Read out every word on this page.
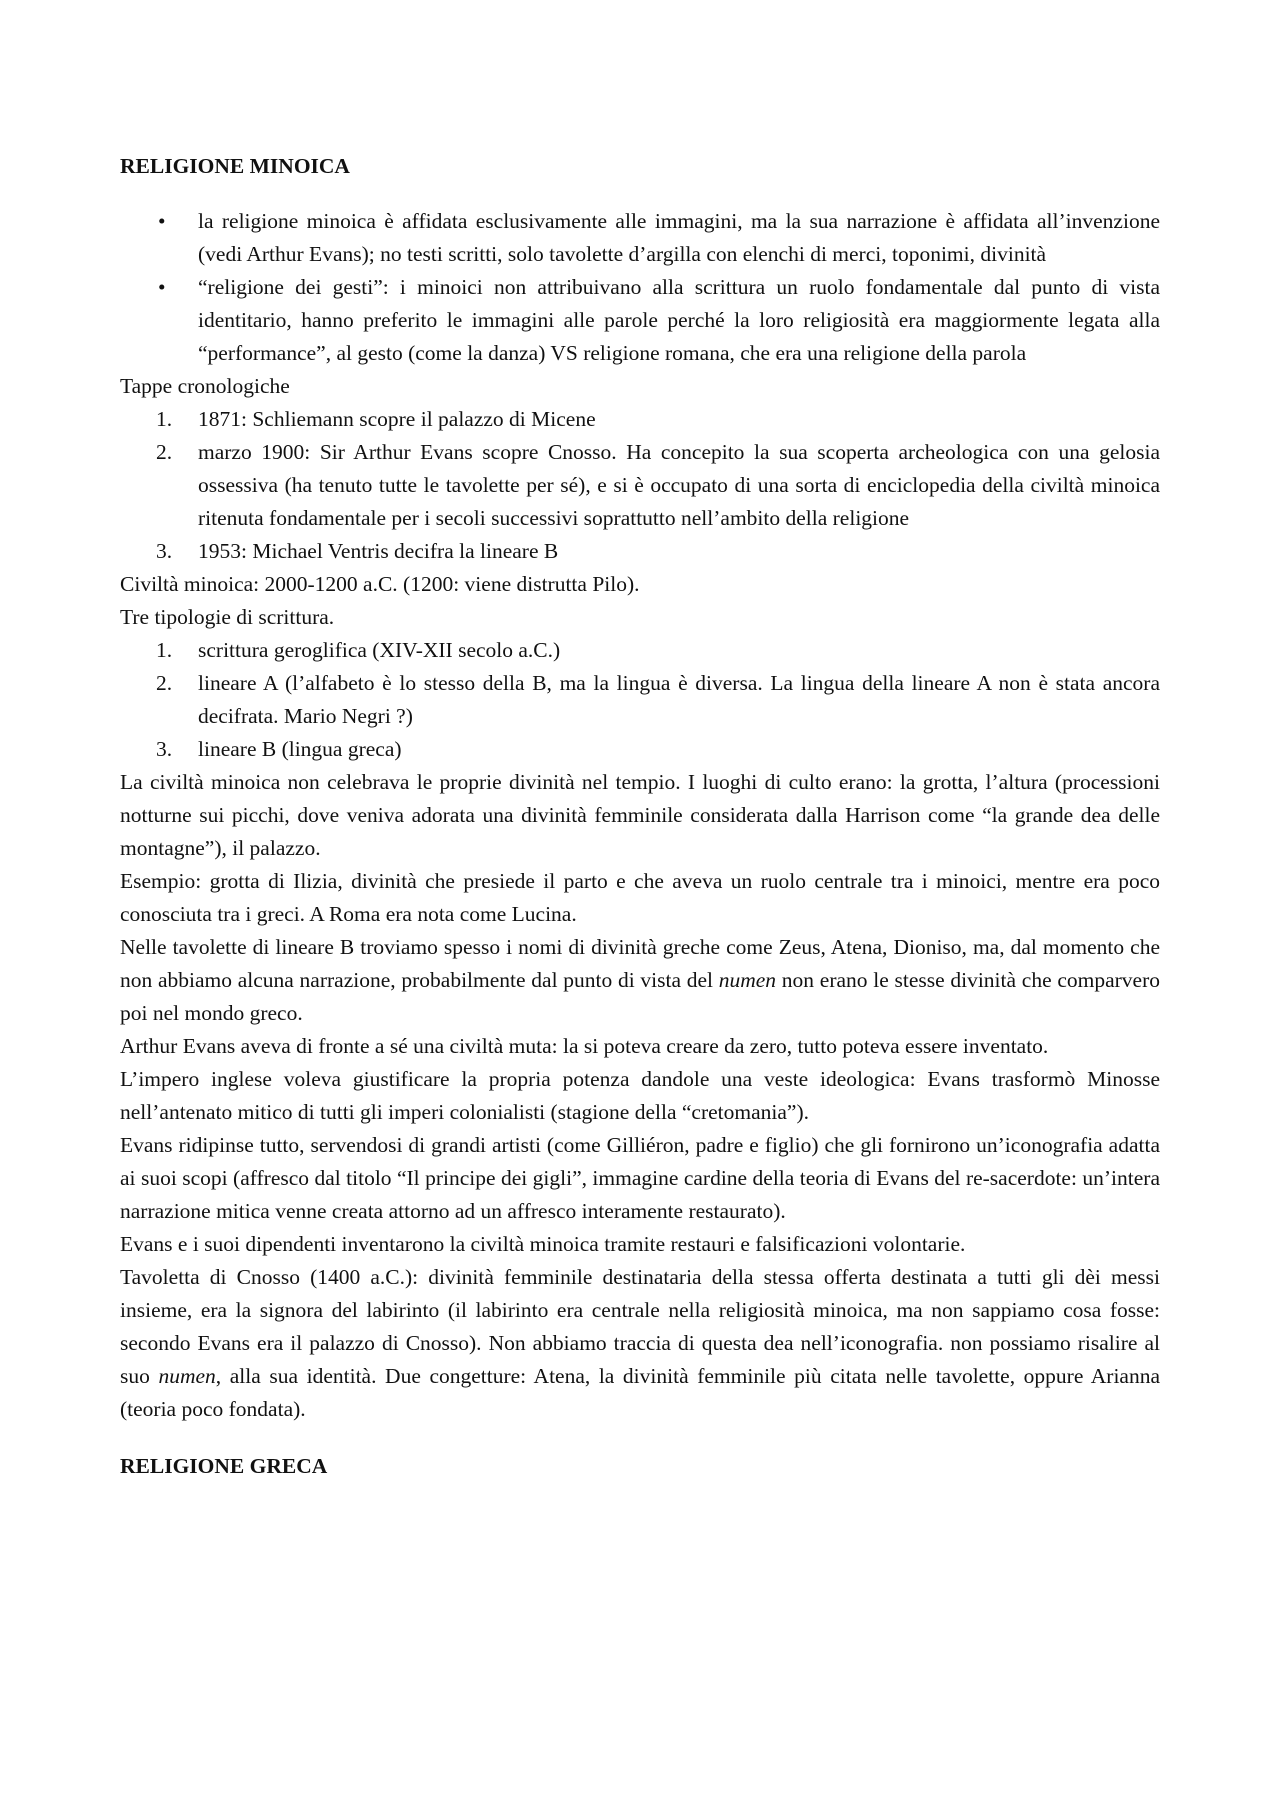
RELIGIONE MINOICA

• la religione minoica è affidata esclusivamente alle immagini, ma la sua narrazione è affidata all’invenzione (vedi Arthur Evans); no testi scritti, solo tavolette d’argilla con elenchi di merci, toponimi, divinità
• “religione dei gesti”: i minoici non attribuivano alla scrittura un ruolo fondamentale dal punto di vista identitario, hanno preferito le immagini alle parole perché la loro religiosità era maggiormente legata alla “performance”, al gesto (come la danza) VS religione romana, che era una religione della parola

Tappe cronologiche

1. 1871: Schliemann scopre il palazzo di Micene
2. marzo 1900: Sir Arthur Evans scopre Cnosso. Ha concepito la sua scoperta archeologica con una gelosia ossessiva (ha tenuto tutte le tavolette per sé), e si è occupato di una sorta di enciclopedia della civiltà minoica ritenuta fondamentale per i secoli successivi soprattutto nell’ambito della religione
3. 1953: Michael Ventris decifra la lineare B

Civiltà minoica: 2000-1200 a.C. (1200: viene distrutta Pilo).

Tre tipologie di scrittura.

1. scrittura geroglifica (XIV-XII secolo a.C.)
2. lineare A (l’alfabeto è lo stesso della B, ma la lingua è diversa. La lingua della lineare A non è stata ancora decifrata. Mario Negri ?)
3. lineare B (lingua greca)

La civiltà minoica non celebrava le proprie divinità nel tempio. I luoghi di culto erano: la grotta, l’altura (processioni notturne sui picchi, dove veniva adorata una divinità femminile considerata dalla Harrison come “la grande dea delle montagne”), il palazzo.

Esempio: grotta di Ilizia, divinità che presiede il parto e che aveva un ruolo centrale tra i minoici, mentre era poco conosciuta tra i greci. A Roma era nota come Lucina.

Nelle tavolette di lineare B troviamo spesso i nomi di divinità greche come Zeus, Atena, Dioniso, ma, dal momento che non abbiamo alcuna narrazione, probabilmente dal punto di vista del numen non erano le stesse divinità che comparvero poi nel mondo greco.

Arthur Evans aveva di fronte a sé una civiltà muta: la si poteva creare da zero, tutto poteva essere inventato.

L’impero inglese voleva giustificare la propria potenza dandole una veste ideologica: Evans trasformò Minosse nell’antenato mitico di tutti gli imperi colonialisti (stagione della “cretomania”).

Evans ridipinse tutto, servendosi di grandi artisti (come Gilliéron, padre e figlio) che gli fornirono un’iconografia adatta ai suoi scopi (affresco dal titolo “Il principe dei gigli”, immagine cardine della teoria di Evans del re-sacerdote: un’intera narrazione mitica venne creata attorno ad un affresco interamente restaurato).

Evans e i suoi dipendenti inventarono la civiltà minoica tramite restauri e falsificazioni volontarie.

Tavoletta di Cnosso (1400 a.C.): divinità femminile destinataria della stessa offerta destinata a tutti gli dèi messi insieme, era la signora del labirinto (il labirinto era centrale nella religiosità minoica, ma non sappiamo cosa fosse: secondo Evans era il palazzo di Cnosso). Non abbiamo traccia di questa dea nell’iconografia. non possiamo risalire al suo numen, alla sua identità. Due congetture: Atena, la divinità femminile più citata nelle tavolette, oppure Arianna (teoria poco fondata).

RELIGIONE GRECA
